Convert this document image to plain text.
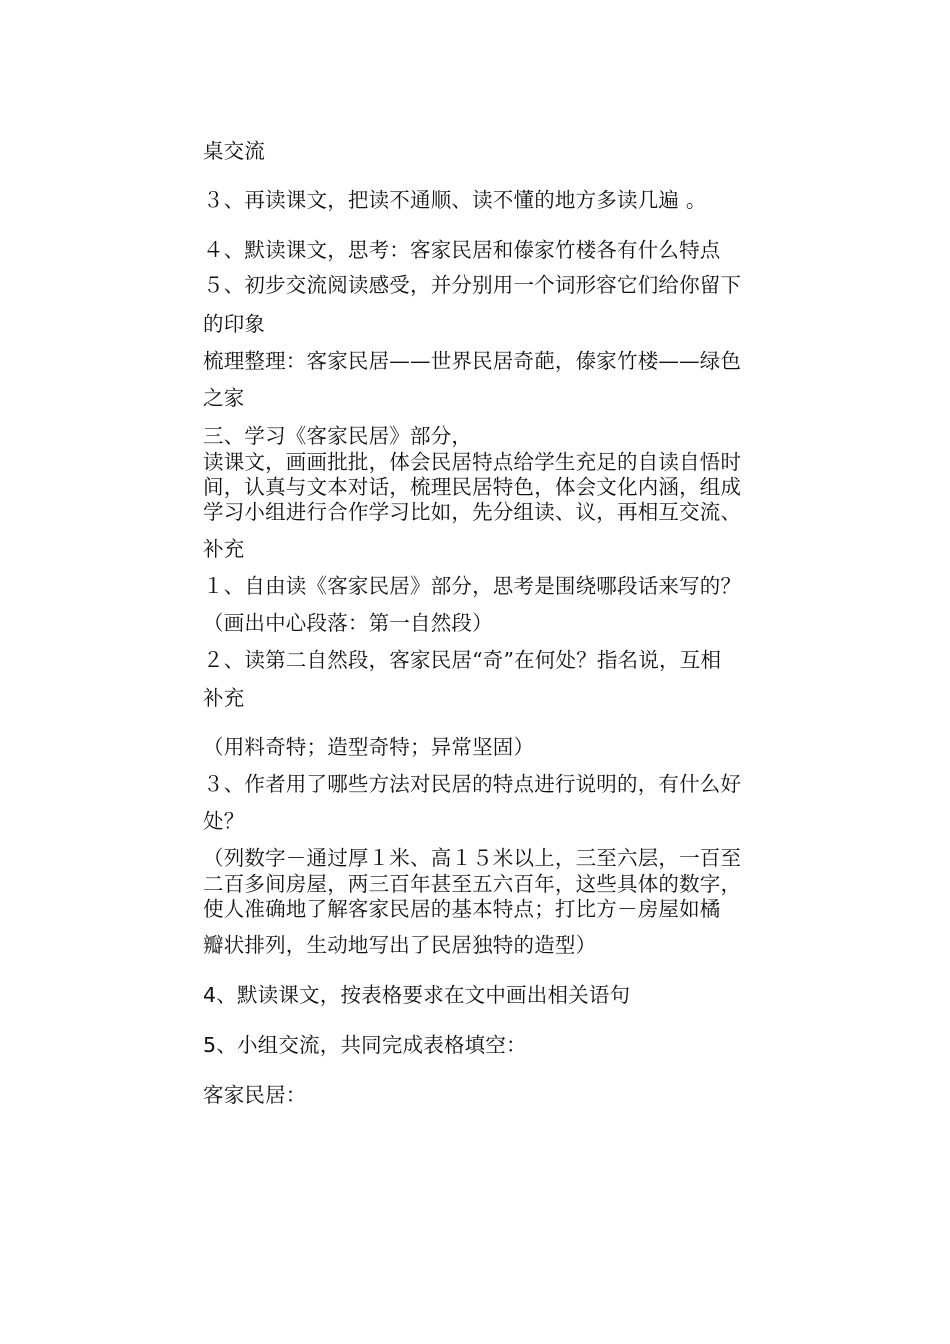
桌交流
３、再读课文，把读不通顺、读不懂的地方多读几遍 。
４、默读课文，思考：客家民居和傣家竹楼各有什么特点
５、初步交流阅读感受，并分别用一个词形容它们给你留下
的印象
梳理整理：客家民居——世界民居奇葩，傣家竹楼——绿色
之家
三、学习《客家民居》部分，
读课文，画画批批，体会民居特点给学生充足的自读自悟时
间，认真与文本对话，梳理民居特色，体会文化内涵，组成
学习小组进行合作学习比如，先分组读、议，再相互交流、
补充
１、自由读《客家民居》部分，思考是围绕哪段话来写的？
（画出中心段落：第一自然段）
２、读第二自然段，客家民居“奇”在何处？指名说，互相
补充
（用料奇特；造型奇特；异常坚固）
３、作者用了哪些方法对民居的特点进行说明的，有什么好
处？
（列数字－通过厚１米、高１５米以上，三至六层，一百至
二百多间房屋，两三百年甚至五六百年，这些具体的数字，
使人准确地了解客家民居的基本特点；打比方－房屋如橘
瓣状排列，生动地写出了民居独特的造型）
4、默读课文，按表格要求在文中画出相关语句
5、小组交流，共同完成表格填空：
客家民居：
